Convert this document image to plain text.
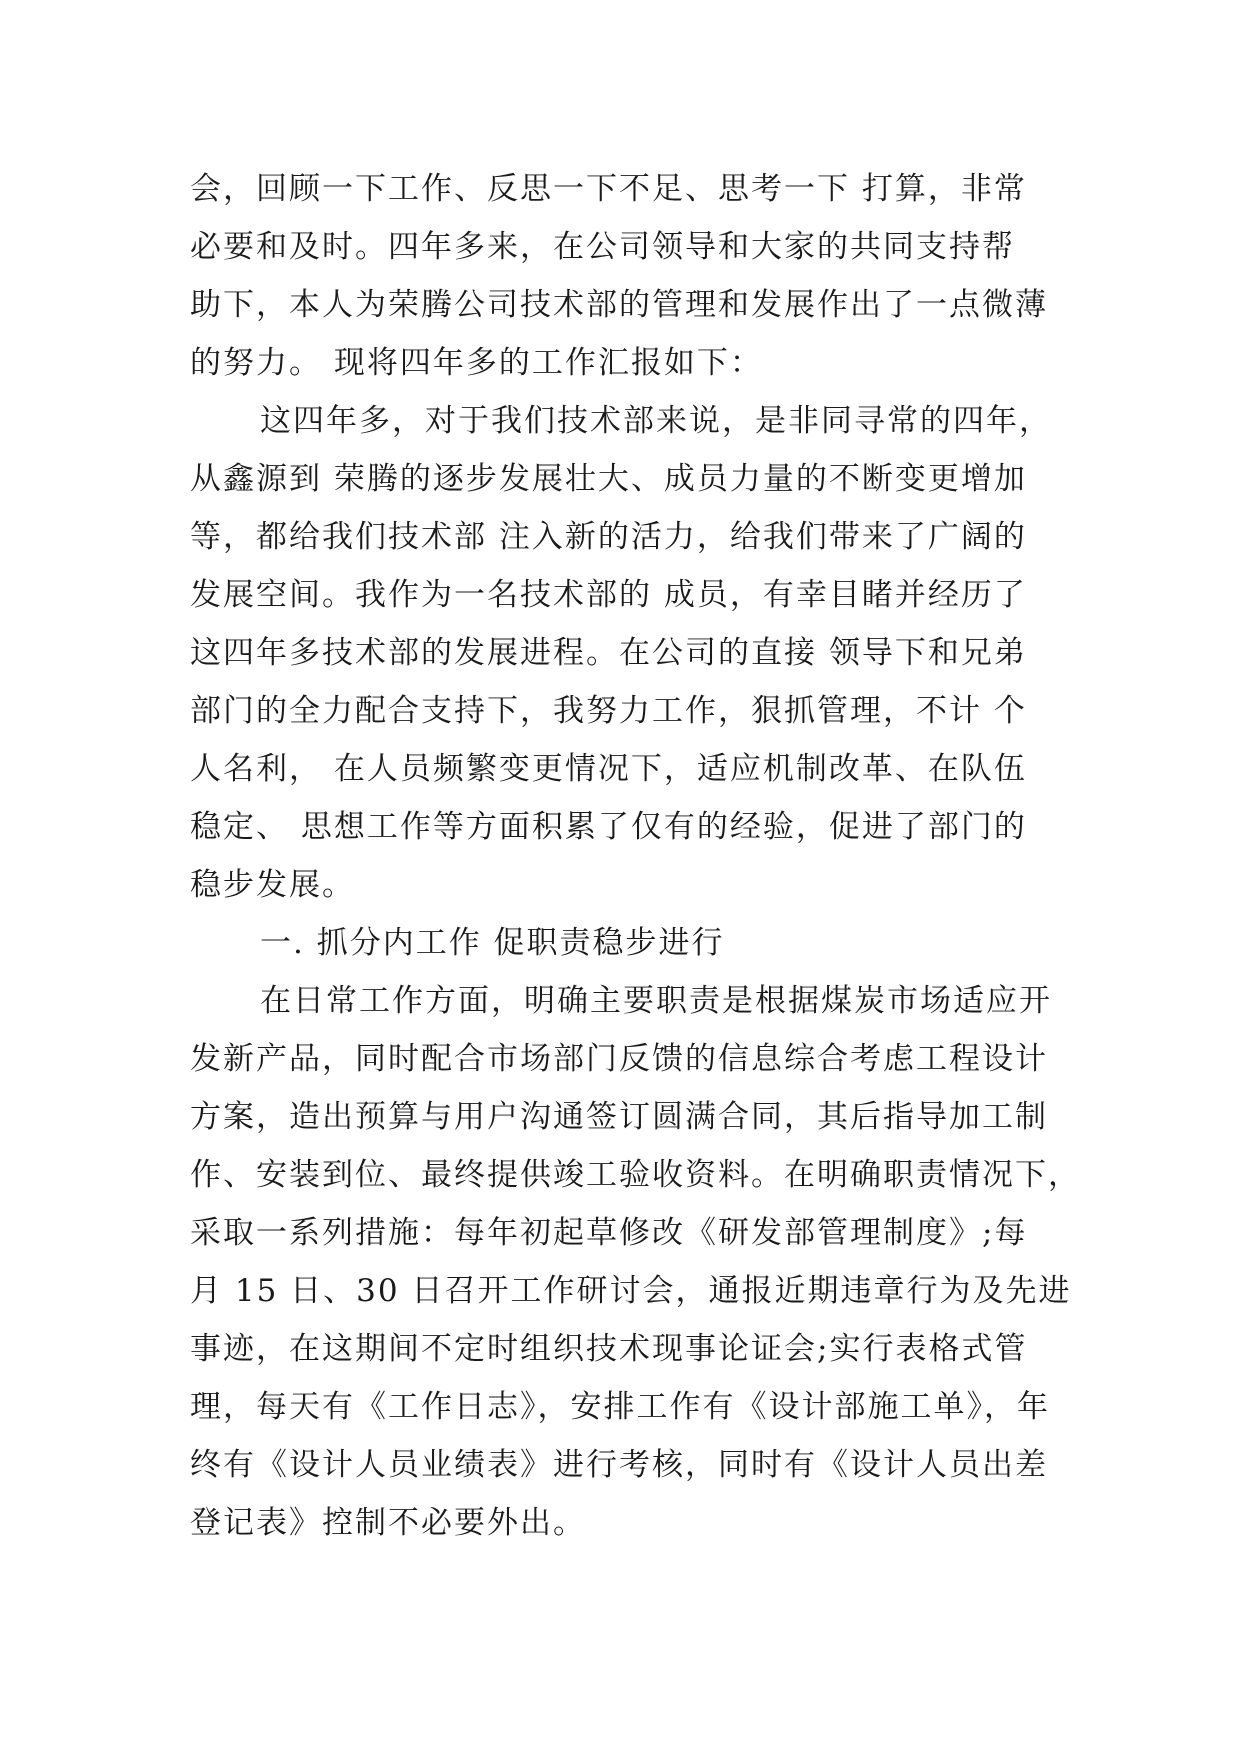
会，回顾一下工作、反思一下不足、思考一下 打算，非常
必要和及时。四年多来，在公司领导和大家的共同支持帮
助下，本人为荣腾公司技术部的管理和发展作出了一点微薄
的努力。 现将四年多的工作汇报如下：
这四年多，对于我们技术部来说，是非同寻常的四年，
从鑫源到 荣腾的逐步发展壮大、成员力量的不断变更增加
等，都给我们技术部 注入新的活力，给我们带来了广阔的
发展空间。我作为一名技术部的 成员，有幸目睹并经历了
这四年多技术部的发展进程。在公司的直接 领导下和兄弟
部门的全力配合支持下，我努力工作，狠抓管理，不计 个
人名利， 在人员频繁变更情况下，适应机制改革、在队伍
稳定、 思想工作等方面积累了仅有的经验，促进了部门的
稳步发展。
一. 抓分内工作 促职责稳步进行
在日常工作方面，明确主要职责是根据煤炭市场适应开
发新产品，同时配合市场部门反馈的信息综合考虑工程设计
方案，造出预算与用户沟通签订圆满合同，其后指导加工制
作、安装到位、最终提供竣工验收资料。在明确职责情况下，
采取一系列措施：每年初起草修改《研发部管理制度》;每
月 15 日、30 日召开工作研讨会，通报近期违章行为及先进
事迹，在这期间不定时组织技术现事论证会;实行表格式管
理，每天有《工作日志》，安排工作有《设计部施工单》，年
终有《设计人员业绩表》进行考核，同时有《设计人员出差
登记表》控制不必要外出。
